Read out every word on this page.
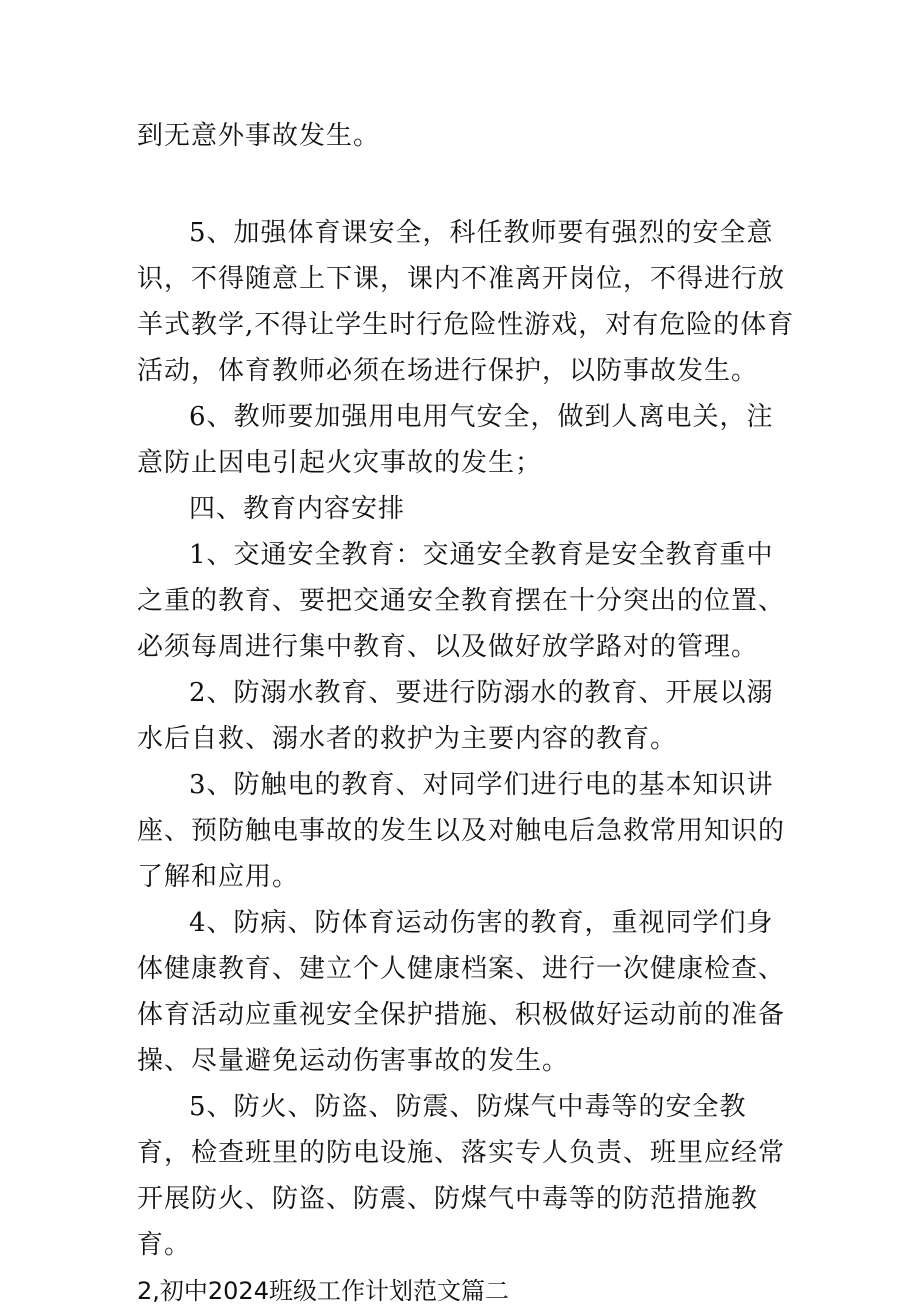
到无意外事故发生。

5、加强体育课安全，科任教师要有强烈的安全意识，不得随意上下课，课内不准离开岗位，不得进行放羊式教学,不得让学生时行危险性游戏，对有危险的体育活动，体育教师必须在场进行保护，以防事故发生。

6、教师要加强用电用气安全，做到人离电关，注意防止因电引起火灾事故的发生；

四、教育内容安排

1、交通安全教育：交通安全教育是安全教育重中之重的教育、要把交通安全教育摆在十分突出的位置、必须每周进行集中教育、以及做好放学路对的管理。

2、防溺水教育、要进行防溺水的教育、开展以溺水后自救、溺水者的救护为主要内容的教育。

3、防触电的教育、对同学们进行电的基本知识讲座、预防触电事故的发生以及对触电后急救常用知识的了解和应用。

4、防病、防体育运动伤害的教育，重视同学们身体健康教育、建立个人健康档案、进行一次健康检查、体育活动应重视安全保护措施、积极做好运动前的准备操、尽量避免运动伤害事故的发生。

5、防火、防盗、防震、防煤气中毒等的安全教育，检查班里的防电设施、落实专人负责、班里应经常开展防火、防盗、防震、防煤气中毒等的防范措施教育。

2,初中2024班级工作计划范文篇二
